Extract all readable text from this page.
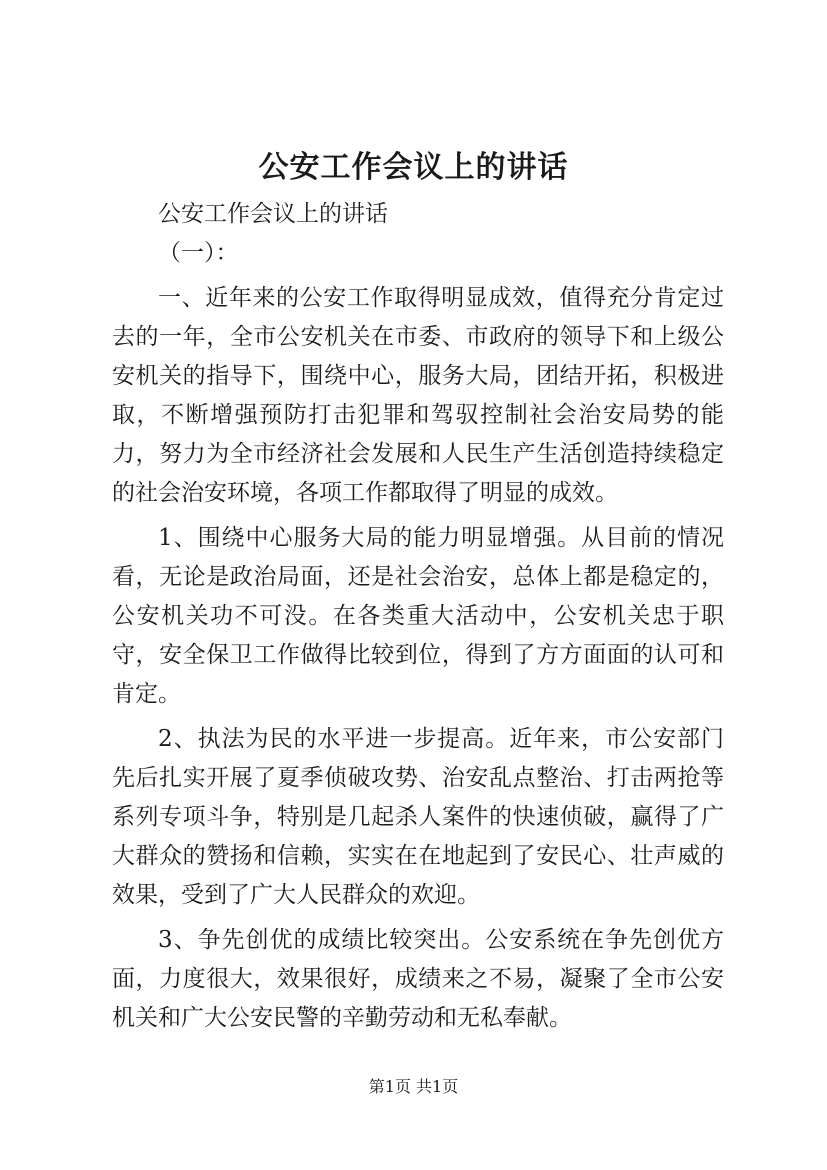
公安工作会议上的讲话

公安工作会议上的讲话

（一）：

一、近年来的公安工作取得明显成效，值得充分肯定过去的一年，全市公安机关在市委、市政府的领导下和上级公安机关的指导下，围绕中心，服务大局，团结开拓，积极进取，不断增强预防打击犯罪和驾驭控制社会治安局势的能力，努力为全市经济社会发展和人民生产生活创造持续稳定的社会治安环境，各项工作都取得了明显的成效。

1、围绕中心服务大局的能力明显增强。从目前的情况看，无论是政治局面，还是社会治安，总体上都是稳定的，公安机关功不可没。在各类重大活动中，公安机关忠于职守，安全保卫工作做得比较到位，得到了方方面面的认可和肯定。

2、执法为民的水平进一步提高。近年来，市公安部门先后扎实开展了夏季侦破攻势、治安乱点整治、打击两抢等系列专项斗争，特别是几起杀人案件的快速侦破，赢得了广大群众的赞扬和信赖，实实在在地起到了安民心、壮声威的效果，受到了广大人民群众的欢迎。

3、争先创优的成绩比较突出。公安系统在争先创优方面，力度很大，效果很好，成绩来之不易，凝聚了全市公安机关和广大公安民警的辛勤劳动和无私奉献。

第1页 共1页
